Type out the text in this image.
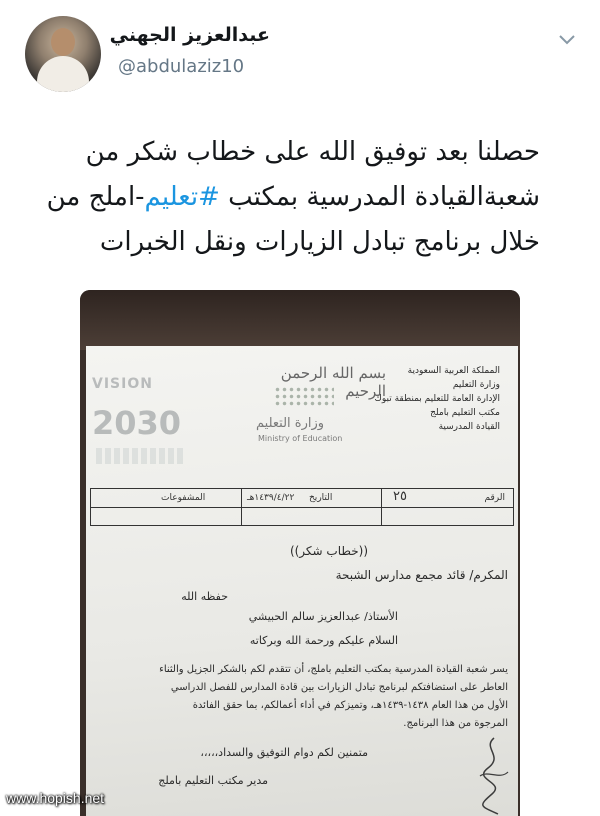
عبدالعزيز الجهني
@abdulaziz10
حصلنا بعد توفيق الله على خطاب شكر من شعبةالقيادة المدرسية بمكتب #تعليم-املج من خلال برنامج تبادل الزيارات ونقل الخبرات
المملكة العربية السعودية
وزارة التعليم
الإدارة العامة للتعليم بمنطقة تبوك
مكتب التعليم باملج
القيادة المدرسية
بسم الله الرحمن الرحيم
وزارة التعليم
Ministry of Education
VISION
2030
الرقم
٢٥
التاريخ
١٤٣٩/٤/٢٢هـ
المشفوعات
((خطاب شكر))
المكرم/ قائد مجمع مدارس الشبحة
حفظه الله
الأستاذ/ عبدالعزيز سالم الحبيشي
السلام عليكم ورحمة الله وبركاته
يسر شعبة القيادة المدرسية بمكتب التعليم باملج، أن تتقدم لكم بالشكر الجزيل والثناء
العاطر على استضافتكم لبرنامج تبادل الزيارات بين قادة المدارس للفصل الدراسي
الأول من هذا العام ١٤٣٨-١٤٣٩هـ، وتميزكم في أداء أعمالكم، بما حقق الفائدة
المرجوة من هذا البرنامج.
متمنين لكم دوام التوفيق والسداد،،،،،
مدير مكتب التعليم باملج
www.hopish.net
